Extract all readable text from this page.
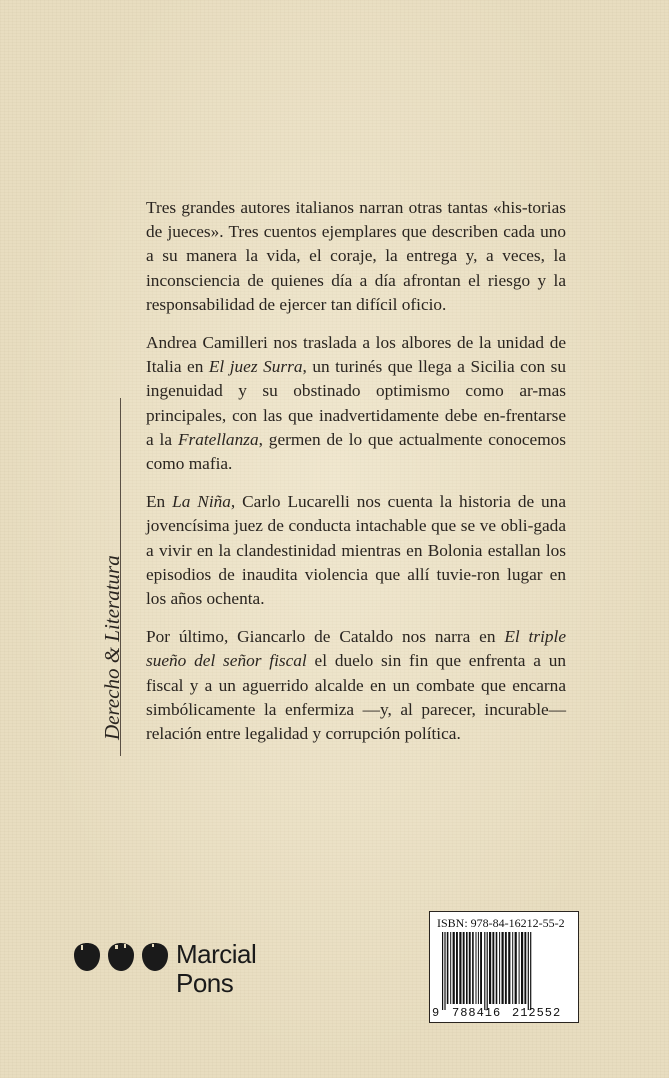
Tres grandes autores italianos narran otras tantas «his-torias de jueces». Tres cuentos ejemplares que describen cada uno a su manera la vida, el coraje, la entrega y, a veces, la inconsciencia de quienes día a día afrontan el riesgo y la responsabilidad de ejercer tan difícil oficio.

Andrea Camilleri nos traslada a los albores de la unidad de Italia en El juez Surra, un turinés que llega a Sicilia con su ingenuidad y su obstinado optimismo como ar-mas principales, con las que inadvertidamente debe en-frentarse a la Fratellanza, germen de lo que actualmente conocemos como mafia.

En La Niña, Carlo Lucarelli nos cuenta la historia de una jovencísima juez de conducta intachable que se ve obli-gada a vivir en la clandestinidad mientras en Bolonia estallan los episodios de inaudita violencia que allí tuvie-ron lugar en los años ochenta.

Por último, Giancarlo de Cataldo nos narra en El triple sueño del señor fiscal el duelo sin fin que enfrenta a un fiscal y a un aguerrido alcalde en un combate que encarna simbólicamente la enfermiza —y, al parecer, incurable— relación entre legalidad y corrupción política.

Derecho & Literatura
Marcial
Pons
ISBN: 978-84-16212-55-2
9 788416 212552
